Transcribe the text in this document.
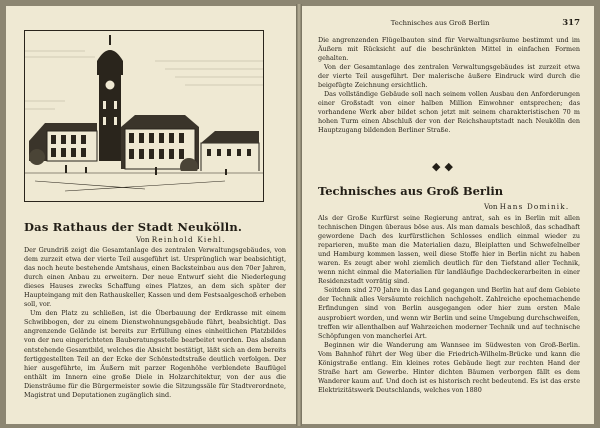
Das Rathaus der Stadt Neukölln.
Von Reinhold Kiehl.

Der Grundriß zeigt die Gesamtanlage des zentralen Verwaltungsgebäudes, von dem zurzeit etwa der vierte Teil ausgeführt ist. Ursprünglich war beabsichtigt, das noch heute bestehende Amtshaus, einen Backsteinbau aus den 70er Jahren, durch einen Anbau zu erweitern. Der neue Entwurf sieht die Niederlegung dieses Hauses zwecks Schaffung eines Platzes, an dem sich später der Haupteingang mit den Rathauskeller, Kassen und dem Festsaalgeschoß erheben soll, vor.

Um den Platz zu schließen, ist die Überbauung der Erdkrasse mit einem Schwibbogen, der zu einem Dienstwohnungsgebäude führt, beabsichtigt. Das angrenzende Gelände ist bereits zur Erfüllung eines einheitlichen Platzbildes von der neu eingerichteten Bauberatungsstelle bearbeitet worden. Das alsdann entstehende Gesamtbild, welches die Absicht bestätigt, läßt sich an dem bereits fertiggestellten Teil an der Ecke der Schönstedtstraße deutlich verfolgen. Der hier ausgeführte, im Äußern mit parzer Rogenhöhe verblendete Bauflügel enthält im Innern eine große Diele in Holzarchitektur, von der aus die Diensträume für die Bürgermeister sowie die Sitzungssäle für Stadtverordnete, Magistrat und Deputationen zugänglich sind.

Technisches aus Groß Berlin	317

Die angrenzenden Flügelbauten sind für Verwaltungsräume bestimmt und im Äußern mit Rücksicht auf die beschränkten Mittel in einfachen Formen gehalten.

Von der Gesamtanlage des zentralen Verwaltungsgebäudes ist zurzeit etwa der vierte Teil ausgeführt. Der malerische äußere Eindruck wird durch die beigefügte Zeichnung ersichtlich.

Das vollständige Gebäude soll nach seinem vollen Ausbau den Anforderungen einer Großstadt von einer halben Million Einwohner entsprechen; das vorhandene Werk aber bildet schon jetzt mit seinem charakteristischen 70 m hohen Turm einen Abschluß der von der Reichshauptstadt nach Neukölln den Hauptzugang bildenden Berliner Straße.

◆◆
Technisches aus Groß Berlin
Von Hans Dominik.

Als der Große Kurfürst seine Regierung antrat, sah es in Berlin mit allen technischen Dingen überaus böse aus. Als man damals beschloß, das schadhaft gewordene Dach des kurfürstlichen Schlosses endlich einmal wieder zu reparieren, mußte man die Materialien dazu, Bleiplatten und Schwefelnelber und Hamburg kommen lassen, weil diese Stoffe hier in Berlin nicht zu haben waren. Es zeugt aber wohl ziemlich deutlich für den Tiefstand aller Technik, wenn nicht einmal die Materialien für landläufige Dachdeckerarbeiten in einer Residenzstadt vorrätig sind.

Seitdem sind 270 Jahre in das Land gegangen und Berlin hat auf dem Gebiete der Technik alles Versäumte reichlich nachgeholt. Zahlreiche epochemachende Erfindungen sind von Berlin ausgegangen oder hier zum ersten Male ausprobiert worden, und wenn wir Berlin und seine Umgebung durchschweifen, treffen wir allenthalben auf Wahrzeichen moderner Technik und auf technische Schöpfungen von mancherlei Art.

Beginnen wir die Wanderung am Wannsee im Südwesten von Groß-Berlin. Vom Bahnhof führt der Weg über die Friedrich-Wilhelm-Brücke und kann die Königstraße entlang. Ein kleines rotes Gebäude liegt zur rechten Hand der Straße hart am Gewerbe. Hinter dichten Bäumen verborgen fällt es dem Wanderer kaum auf. Und doch ist es historisch recht bedeutend. Es ist das erste Elektrizitätswerk Deutschlands, welches von 1880
